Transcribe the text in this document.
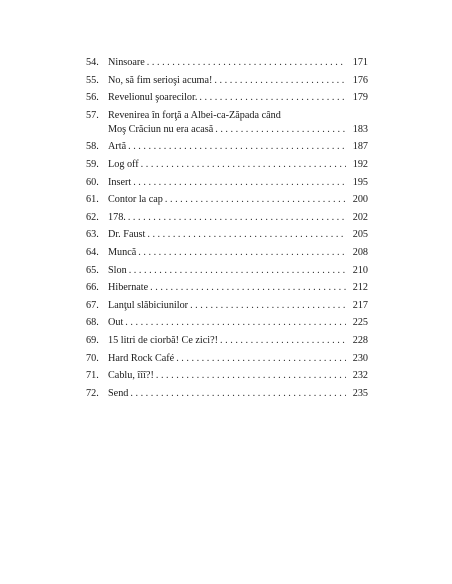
54. Ninsoare . . .	171
55. No, să fim serioşi acuma! . . .	176
56. Revelionul şoarecilor. . . .	179
57. Revenirea în forţă a Albei-ca-Zăpada când
Moş Crăciun nu era acasă . . .	183
58. Artă . . .	187
59. Log off . . .	192
60. Insert . . .	195
61. Contor la cap . . .	200
62. 178. . . .	202
63. Dr. Faust . . .	205
64. Muncă . . .	208
65. Slon . . .	210
66. Hibernate . . .	212
67. Lanţul slăbiciunilor . . .	217
68. Out . . .	225
69. 15 litri de ciorbă! Ce zici?! . . .	228
70. Hard Rock Café . . .	230
71. Cablu, îîî?! . . .	232
72. Send . . .	235
